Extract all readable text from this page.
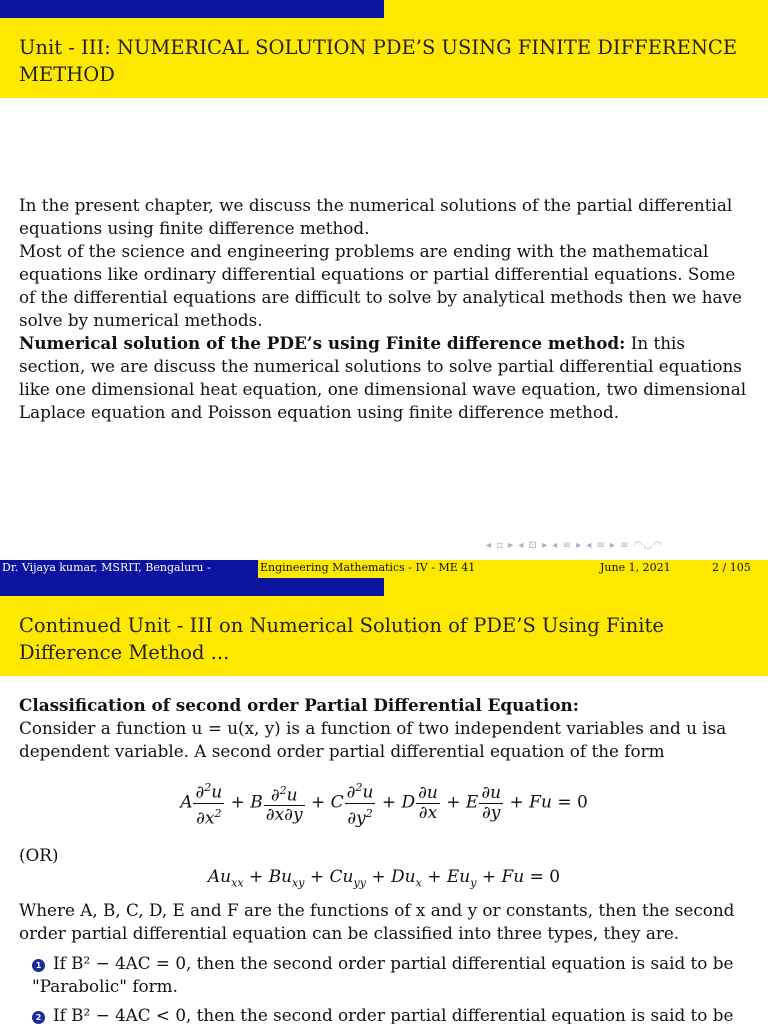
Unit - III: NUMERICAL SOLUTION PDE’S USING FINITE DIFFERENCE METHOD

In the present chapter, we discuss the numerical solutions of the partial differential equations using finite difference method.

Most of the science and engineering problems are ending with the mathematical equations like ordinary differential equations or partial differential equations. Some of the differential equations are difficult to solve by analytical methods then we have solve by numerical methods.

Numerical solution of the PDE’s using Finite difference method: In this section, we are discuss the numerical solutions to solve partial differential equations like one dimensional heat equation, one dimensional wave equation, two dimensional Laplace equation and Poisson equation using finite difference method.

◂ ▫ ▸ ◂ ⊡ ▸ ◂ ≡ ▸ ◂ ≡ ▸ ≡ ◠◡◠
Dr. Vijaya kumar, MSRIT, Bengaluru -	Engineering Mathematics - IV - ME 41	June 1, 2021	2 / 105
Continued Unit - III on Numerical Solution of PDE’S Using Finite Difference Method ...

Classification of second order Partial Differential Equation:

Consider a function u = u(x, y) is a function of two independent variables and u isa dependent variable. A second order partial differential equation of the form

A $\frac{\partial^2u}{\partial x^2} + B \frac{\partial^2u}{\partial x\partial y} + C \frac{\partial^2u}{\partial y^2} + D \frac{\partial u}{\partial x} + E \frac{\partial u}{\partial y} + Fu = 0$
(OR)
$Au_{xx} + Bu_{xy} + Cu_{yy} + Du_x + Eu_y + Fu = 0$
Where A, B, C, D, E and F are the functions of x and y or constants, then the second order partial differential equation can be classified into three types, they are.
1 If B² − 4AC = 0, then the second order partial differential equation is said to be "Parabolic" form.
2 If B² − 4AC < 0, then the second order partial differential equation is said to be
